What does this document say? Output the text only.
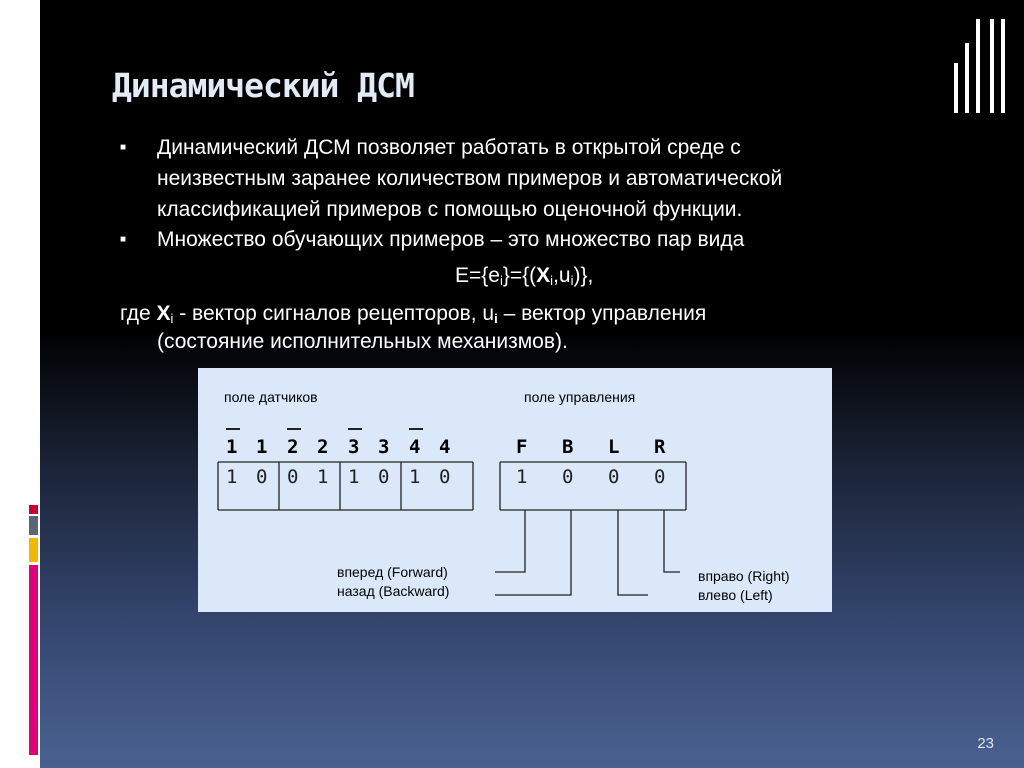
Динамический ДСМ
■ Динамический ДСМ позволяет работать в открытой среде с
неизвестным заранее количеством примеров и автоматической
классификацией примеров с помощью оценочной функции.
■ Множество обучающих примеров – это множество пар вида
$E=\{e_i\}=\{(X_i,u_i)\}$,
где $X_i$ - вектор сигналов рецепторов, $u_i$ – вектор управления
(состояние исполнительных механизмов).
поле датчиков	поле управления
1 1 2 2 3 3 4 4	F B L R
1 0 0 1 1 0 1 0	1 0 0 0
вперед (Forward)
назад (Backward)
вправо (Right)
влево (Left)
23
